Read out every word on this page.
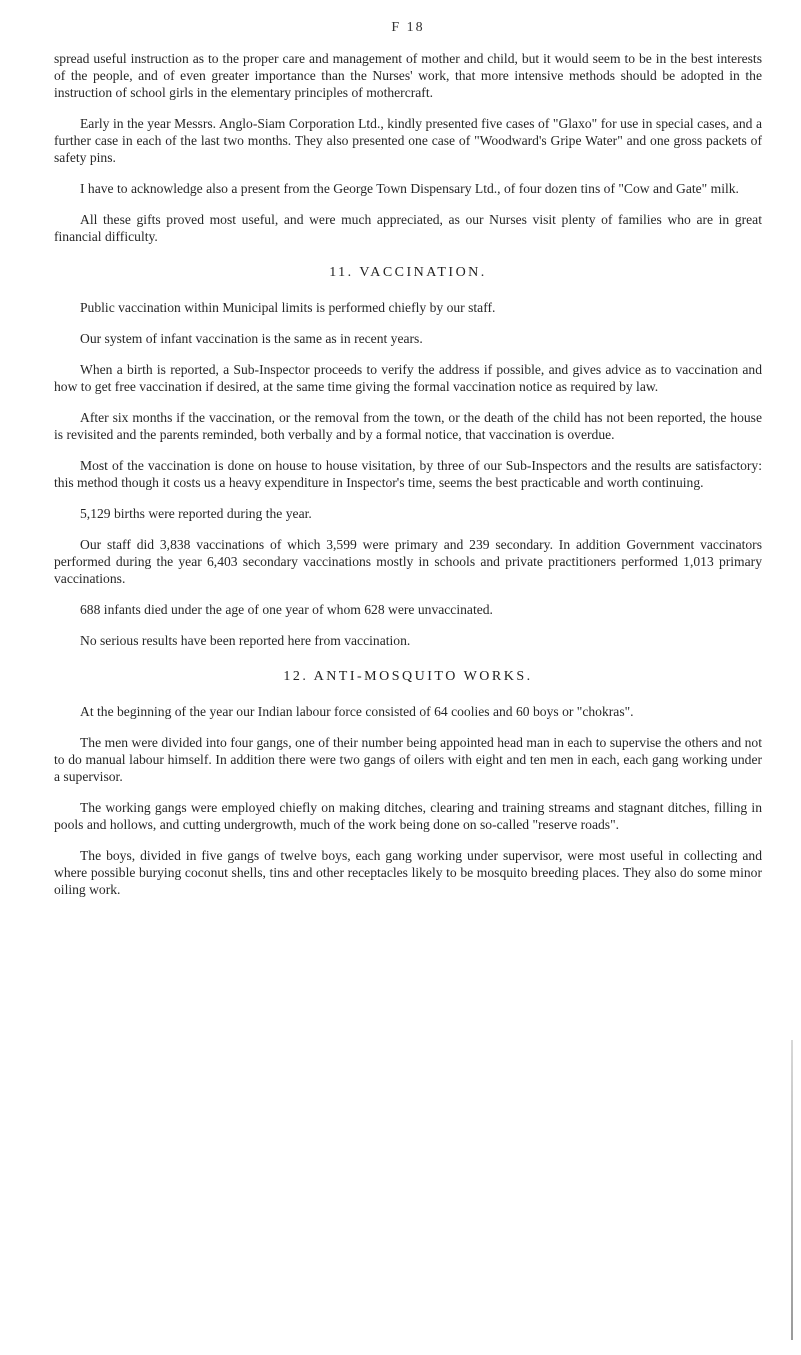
F 18

spread useful instruction as to the proper care and management of mother and child, but it would seem to be in the best interests of the people, and of even greater importance than the Nurses' work, that more intensive methods should be adopted in the instruction of school girls in the elementary principles of mothercraft.

Early in the year Messrs. Anglo-Siam Corporation Ltd., kindly presented five cases of "Glaxo" for use in special cases, and a further case in each of the last two months. They also presented one case of "Woodward's Gripe Water" and one gross packets of safety pins.

I have to acknowledge also a present from the George Town Dispensary Ltd., of four dozen tins of "Cow and Gate" milk.

All these gifts proved most useful, and were much appreciated, as our Nurses visit plenty of families who are in great financial difficulty.

11. VACCINATION.

Public vaccination within Municipal limits is performed chiefly by our staff.

Our system of infant vaccination is the same as in recent years.

When a birth is reported, a Sub-Inspector proceeds to verify the address if possible, and gives advice as to vaccination and how to get free vaccination if desired, at the same time giving the formal vaccination notice as required by law.

After six months if the vaccination, or the removal from the town, or the death of the child has not been reported, the house is revisited and the parents reminded, both verbally and by a formal notice, that vaccination is overdue.

Most of the vaccination is done on house to house visitation, by three of our Sub-Inspectors and the results are satisfactory: this method though it costs us a heavy expenditure in Inspector's time, seems the best practicable and worth continuing.

5,129 births were reported during the year.

Our staff did 3,838 vaccinations of which 3,599 were primary and 239 secondary. In addition Government vaccinators performed during the year 6,403 secondary vaccinations mostly in schools and private practitioners performed 1,013 primary vaccinations.

688 infants died under the age of one year of whom 628 were unvaccinated.

No serious results have been reported here from vaccination.

12. ANTI-MOSQUITO WORKS.

At the beginning of the year our Indian labour force consisted of 64 coolies and 60 boys or "chokras".

The men were divided into four gangs, one of their number being appointed head man in each to supervise the others and not to do manual labour himself. In addition there were two gangs of oilers with eight and ten men in each, each gang working under a supervisor.

The working gangs were employed chiefly on making ditches, clearing and training streams and stagnant ditches, filling in pools and hollows, and cutting undergrowth, much of the work being done on so-called "reserve roads".

The boys, divided in five gangs of twelve boys, each gang working under supervisor, were most useful in collecting and where possible burying coconut shells, tins and other receptacles likely to be mosquito breeding places. They also do some minor oiling work.
